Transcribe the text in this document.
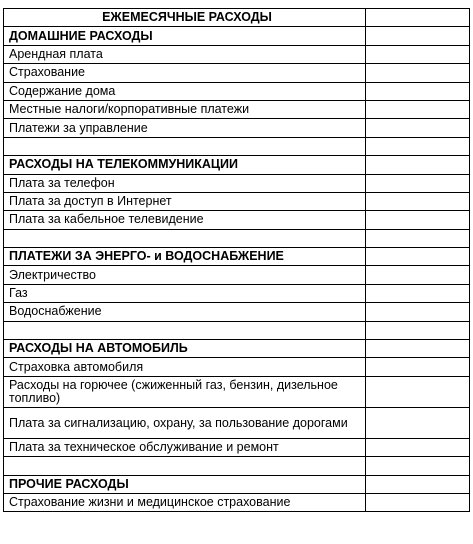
ЕЖЕМЕСЯЧНЫЕ РАСХОДЫ	
ДОМАШНИЕ РАСХОДЫ	
Арендная плата	
Страхование	
Содержание дома	
Местные налоги/корпоративные платежи	
Платежи за управление	

РАСХОДЫ НА ТЕЛЕКОММУНИКАЦИИ	
Плата за телефон	
Плата за доступ в Интернет	
Плата за кабельное телевидение	

ПЛАТЕЖИ ЗА ЭНЕРГО- и ВОДОСНАБЖЕНИЕ	
Электричество	
Газ	
Водоснабжение	

РАСХОДЫ НА АВТОМОБИЛЬ	
Страховка автомобиля	
Расходы на горючее (сжиженный газ, бензин, дизельное топливо)	
Плата за сигнализацию, охрану, за пользование дорогами	
Плата за техническое обслуживание и ремонт	

ПРОЧИЕ РАСХОДЫ	
Страхование жизни и медицинское страхование	
